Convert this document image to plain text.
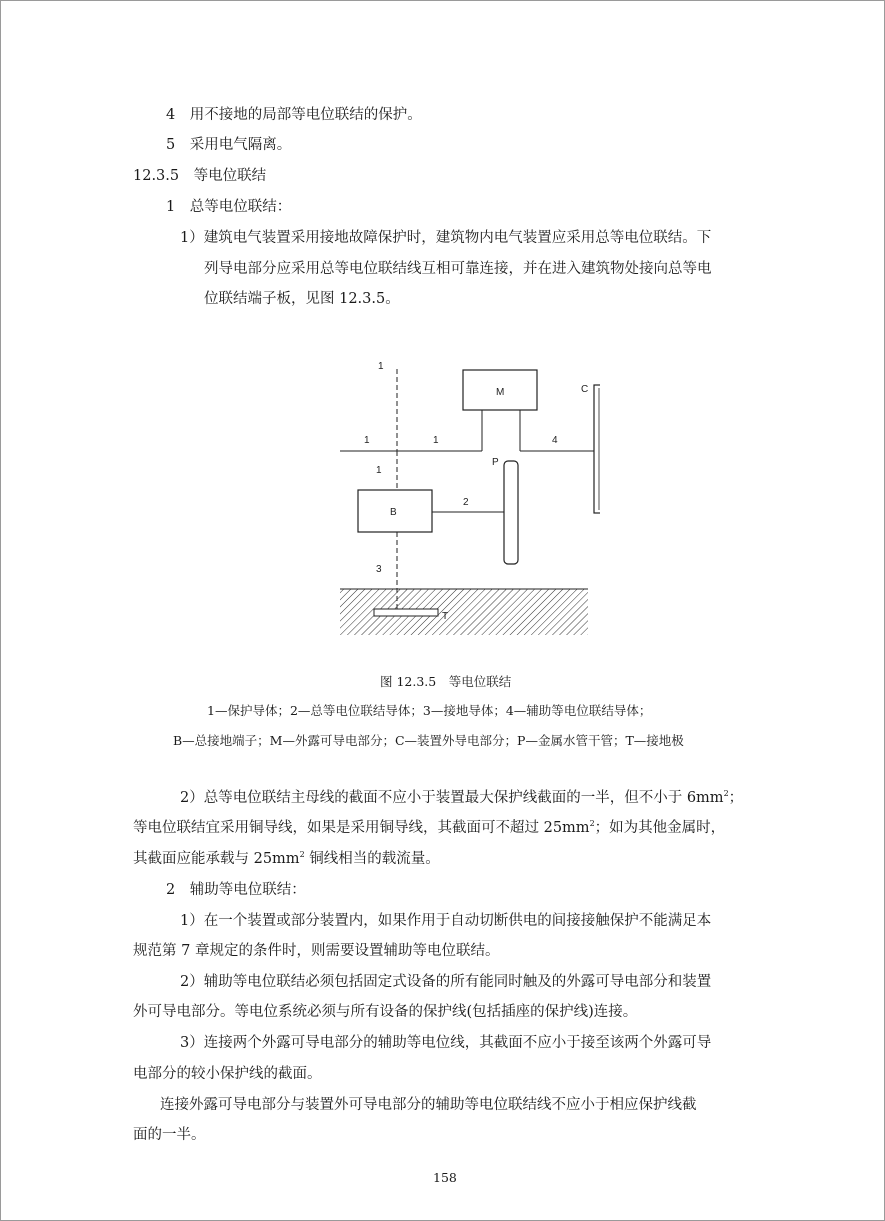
4　用不接地的局部等电位联结的保护。
5　采用电气隔离。
12.3.5　等电位联结
1　总等电位联结：
1）建筑电气装置采用接地故障保护时，建筑物内电气装置应采用总等电位联结。下
列导电部分应采用总等电位联结线互相可靠连接，并在进入建筑物处接向总等电
位联结端子板，见图 12.3.5。
1
1	1
1
4
M	C
P
B
2
3
T
图 12.3.5　等电位联结
1—保护导体；2—总等电位联结导体；3—接地导体；4—辅助等电位联结导体；
B—总接地端子；M—外露可导电部分；C—装置外导电部分；P—金属水管干管；T—接地极
2）总等电位联结主母线的截面不应小于装置最大保护线截面的一半，但不小于 $6mm^2$；
等电位联结宜采用铜导线，如果是采用铜导线，其截面可不超过 $25mm^2$；如为其他金属时，
其截面应能承载与 $25mm^2$ 铜线相当的载流量。
2　辅助等电位联结：
1）在一个装置或部分装置内，如果作用于自动切断供电的间接接触保护不能满足本
规范第 7 章规定的条件时，则需要设置辅助等电位联结。
2）辅助等电位联结必须包括固定式设备的所有能同时触及的外露可导电部分和装置
外可导电部分。等电位系统必须与所有设备的保护线(包括插座的保护线)连接。
3）连接两个外露可导电部分的辅助等电位线，其截面不应小于接至该两个外露可导
电部分的较小保护线的截面。
连接外露可导电部分与装置外可导电部分的辅助等电位联结线不应小于相应保护线截
面的一半。
158
